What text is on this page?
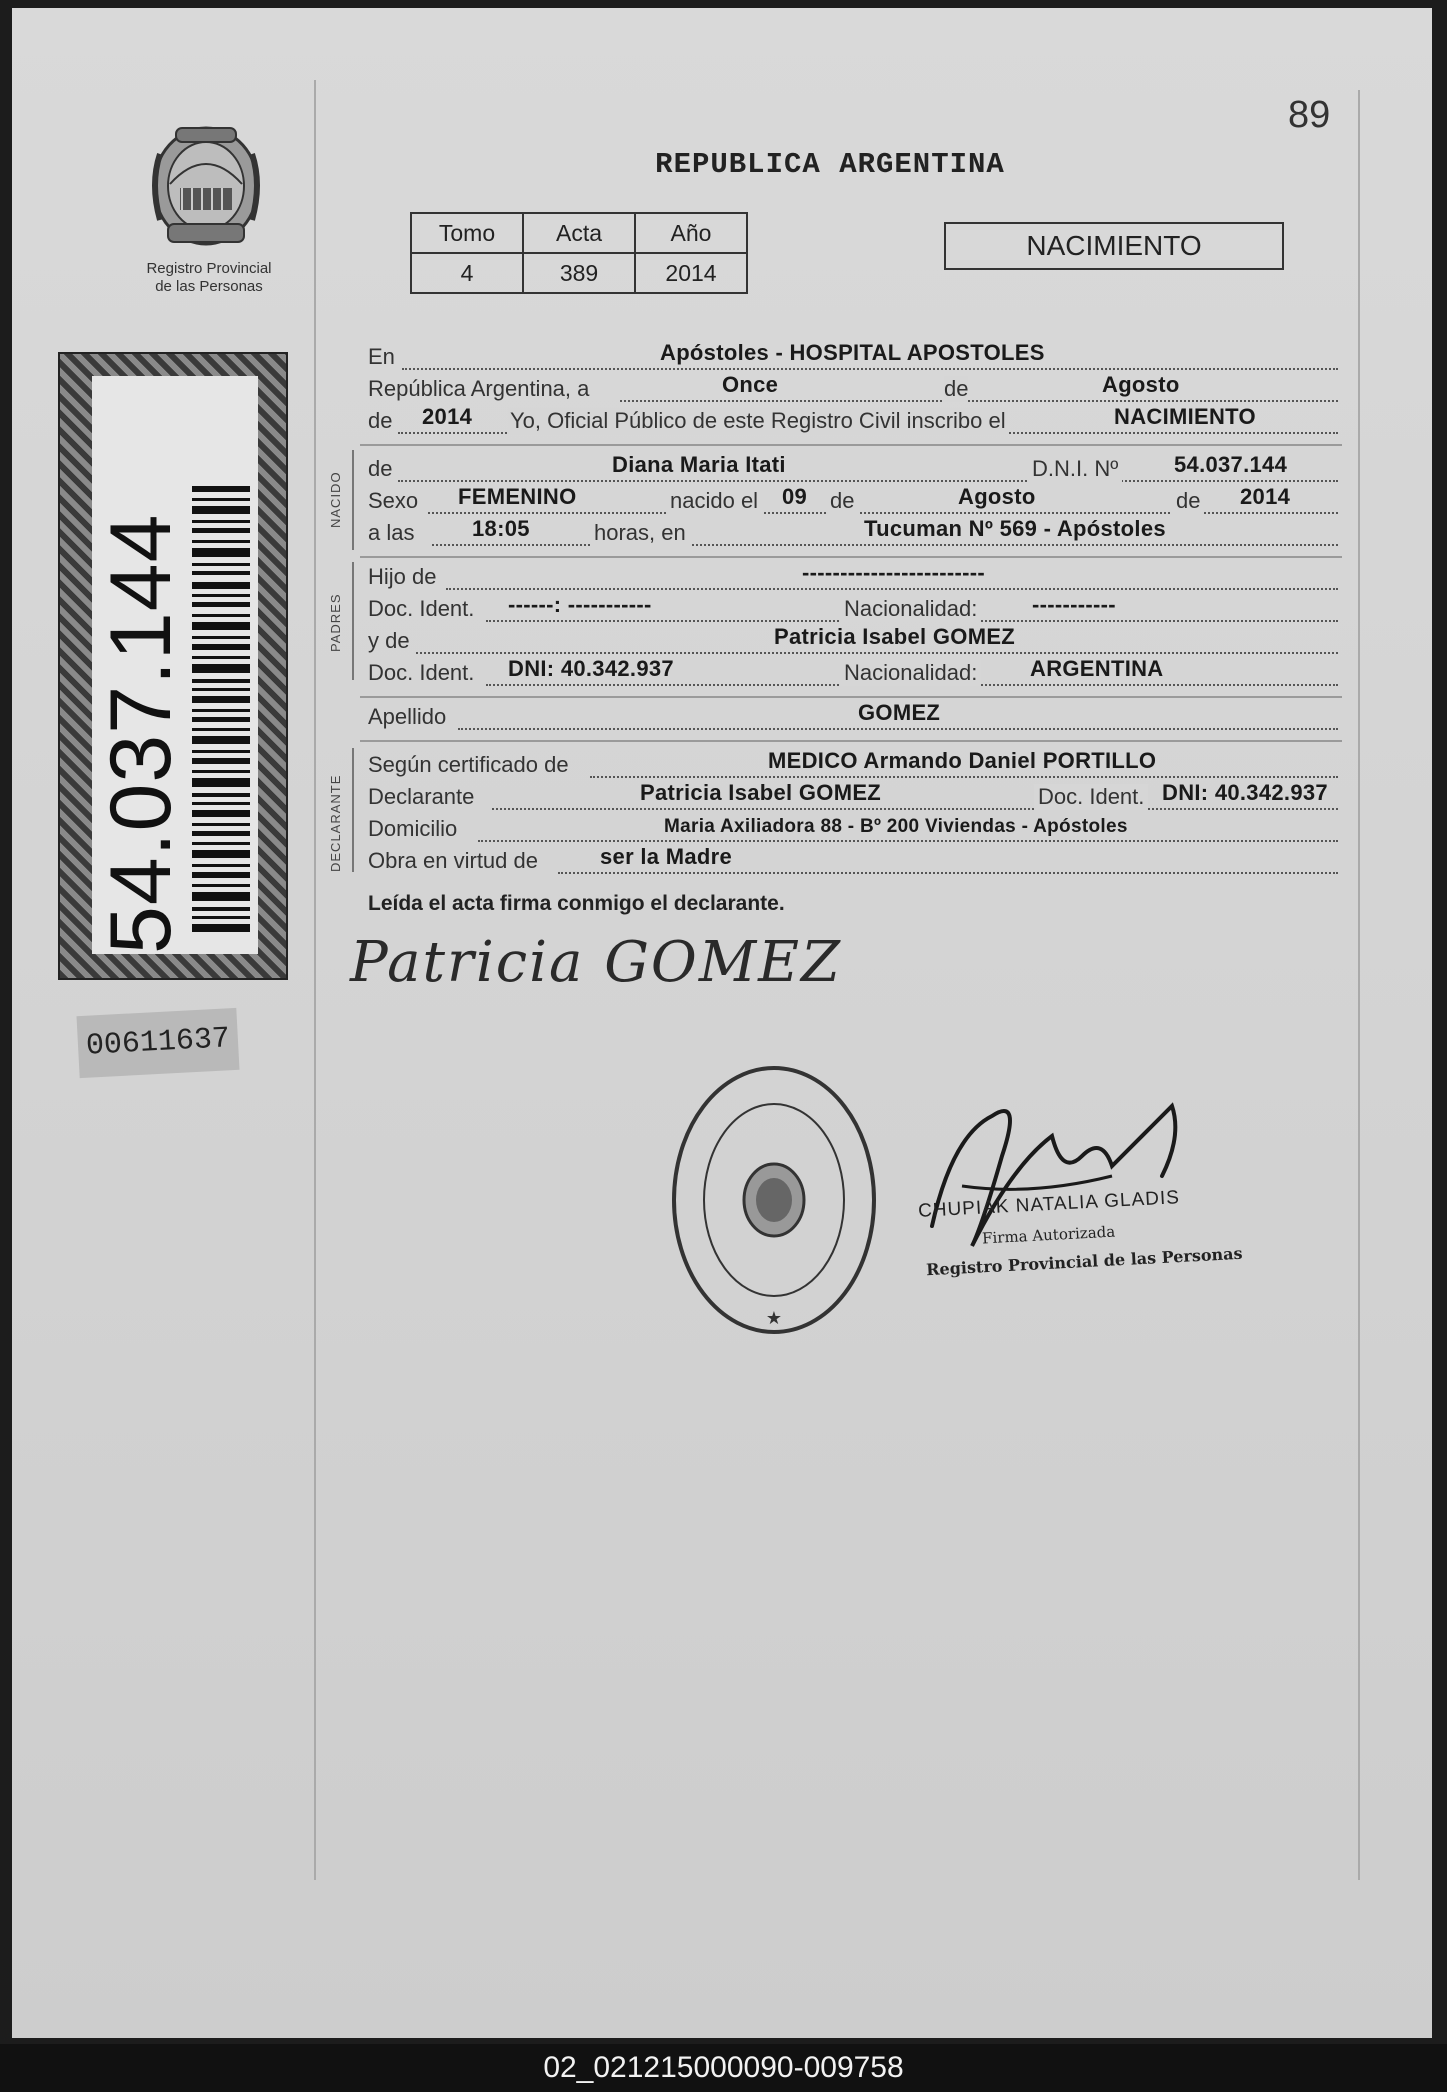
Registro Provincial
de las Personas
54.037.144
00611637
89
REPUBLICA ARGENTINA
Tomo	Acta	Año
4	389	2014
NACIMIENTO
En	Apóstoles - HOSPITAL APOSTOLES
República Argentina, a	Once	de	Agosto
de 2014 Yo, Oficial Público de este Registro Civil inscribo el	NACIMIENTO
NACIDO
de	Diana Maria Itati	D.N.I. Nº	54.037.144
Sexo FEMENINO	nacido el 09 de	Agosto	de 2014
a las	18:05	horas, en	Tucuman Nº 569 - Apóstoles
PADRES
Hijo de	------------------------
Doc. Ident. ------: -----------	Nacionalidad: -----------
y de	Patricia Isabel GOMEZ
Doc. Ident. DNI: 40.342.937	Nacionalidad: ARGENTINA
Apellido	GOMEZ
DECLARANTE
Según certificado de	MEDICO Armando Daniel PORTILLO
Declarante	Patricia Isabel GOMEZ	Doc. Ident. DNI: 40.342.937
Domicilio	Maria Axiliadora 88 - Bº 200 Viviendas - Apóstoles
Obra en virtud de	ser la Madre
Leída el acta firma conmigo el declarante.
Patricia GOMEZ
★
CHUPIAK NATALIA GLADIS
Firma Autorizada
Registro Provincial de las Personas
02_021215000090-009758
